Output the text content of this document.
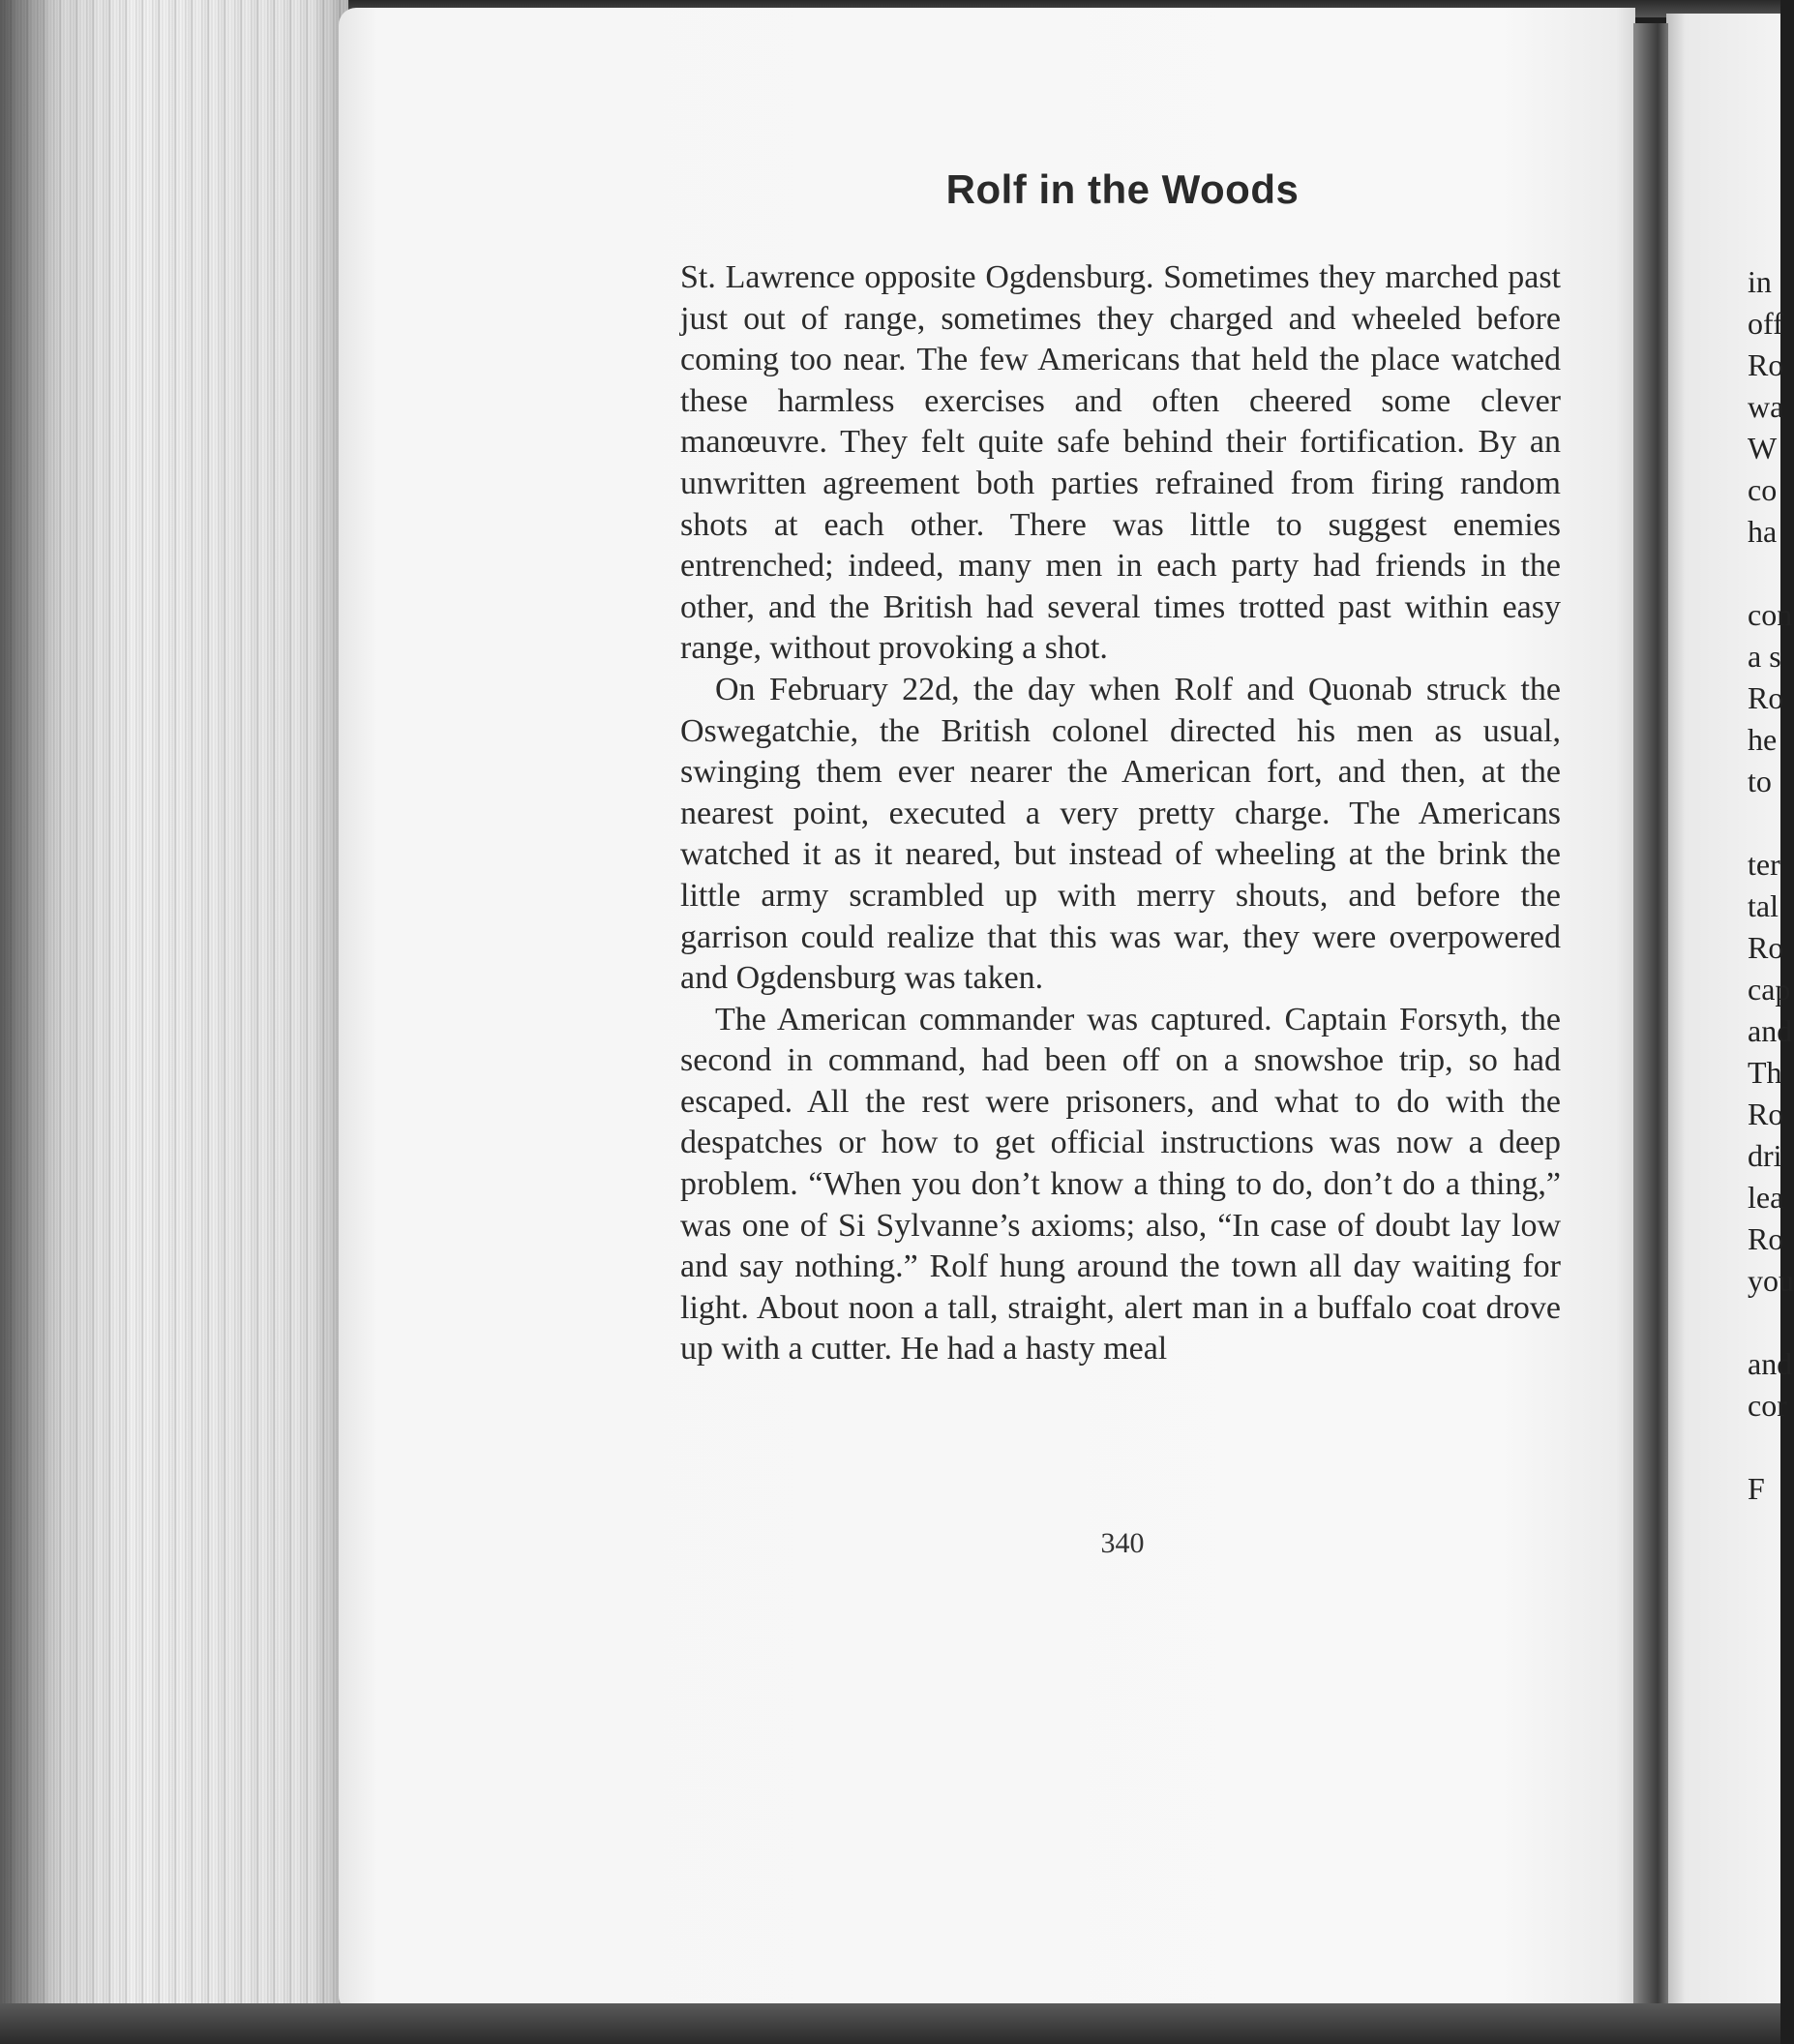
Rolf in the Woods

St. Lawrence opposite Ogdensburg. Sometimes they marched past just out of range, sometimes they charged and wheeled before coming too near. The few Americans that held the place watched these harmless exercises and often cheered some clever manœuvre. They felt quite safe behind their fortification. By an unwritten agreement both parties refrained from firing random shots at each other. There was little to suggest enemies entrenched; indeed, many men in each party had friends in the other, and the British had several times trotted past within easy range, without provoking a shot.

On February 22d, the day when Rolf and Quonab struck the Oswegatchie, the British colonel directed his men as usual, swinging them ever nearer the American fort, and then, at the nearest point, executed a very pretty charge. The Americans watched it as it neared, but instead of wheeling at the brink the little army scrambled up with merry shouts, and before the garrison could realize that this was war, they were overpowered and Ogdensburg was taken.

The American commander was captured. Captain Forsyth, the second in command, had been off on a snowshoe trip, so had escaped. All the rest were prisoners, and what to do with the despatches or how to get official instructions was now a deep problem. “When you don’t know a thing to do, don’t do a thing,” was one of Si Sylvanne’s axioms; also, “In case of doubt lay low and say nothing.” Rolf hung around the town all day waiting for light. About noon a tall, straight, alert man in a buffalo coat drove up with a cutter. He had a hasty meal

340
in
off
Ro
wa
W
co
ha
con
a s
Ro
he
to
ter
tal
Ro
cap
and
Th
Ro
dri
lea
Ro
you
and
cor
F
